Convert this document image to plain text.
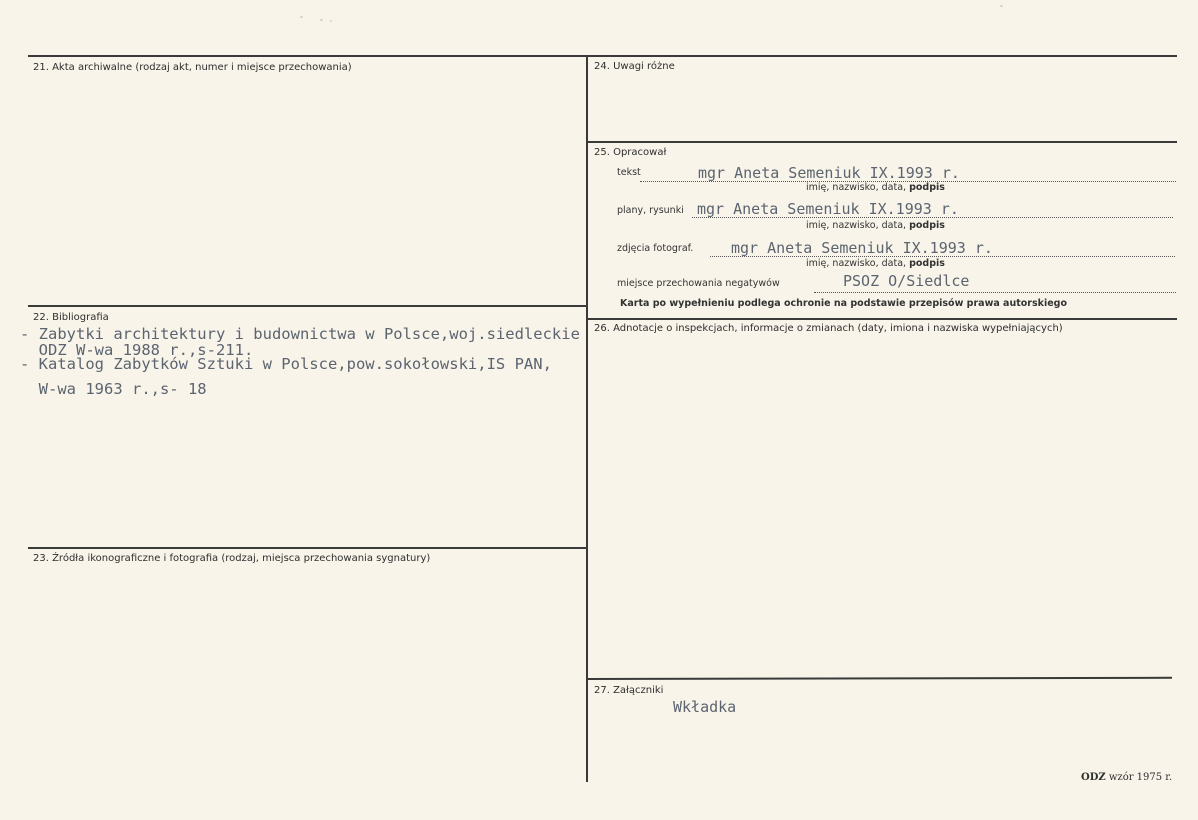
21. Akta archiwalne (rodzaj akt, numer i miejsce przechowania)
22. Bibliografia
- Zabytki architektury i budownictwa w Polsce,woj.siedleckie
ODZ W-wa 1988 r.,s-211.
- Katalog Zabytków Sztuki w Polsce,pow.sokołowski,IS PAN,
W-wa 1963 r.,s- 18
23. Źródła ikonograficzne i fotografia (rodzaj, miejsca przechowania sygnatury)
24. Uwagi różne
25. Opracował
tekst	mgr Aneta Semeniuk IX.1993 r.
imię, nazwisko, data, podpis
plany, rysunki mgr Aneta Semeniuk IX.1993 r.
imię, nazwisko, data, podpis
zdjęcia fotograf.	mgr Aneta Semeniuk IX.1993 r.
imię, nazwisko, data, podpis
miejsce przechowania negatywów	PSOZ O/Siedlce
Karta po wypełnieniu podlega ochronie na podstawie przepisów prawa autorskiego
26. Adnotacje o inspekcjach, informacje o zmianach (daty, imiona i nazwiska wypełniających)
27. Załączniki
Wkładka
ODZ wzór 1975 r.
